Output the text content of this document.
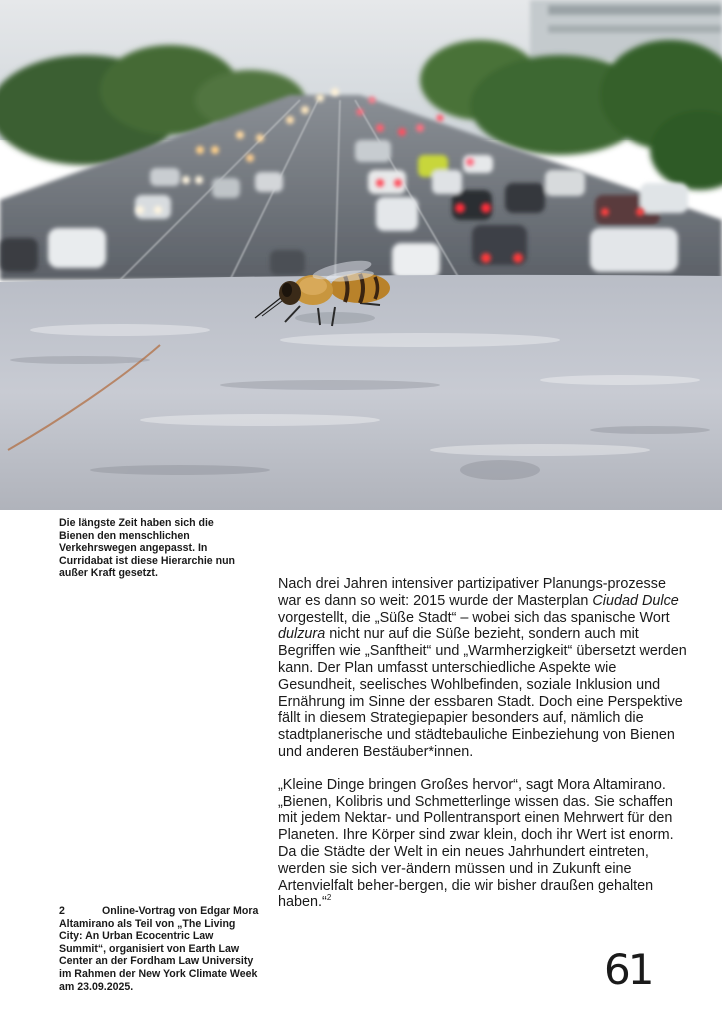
Die längste Zeit haben sich die Bienen den menschlichen Verkehrswegen angepasst. In Curridabat ist diese Hierarchie nun außer Kraft gesetzt.

Nach drei Jahren intensiver partizipativer Planungs-prozesse war es dann so weit: 2015 wurde der Masterplan Ciudad Dulce vorgestellt, die „Süße Stadt“ – wobei sich das spanische Wort dulzura nicht nur auf die Süße bezieht, sondern auch mit Begriffen wie „Sanftheit“ und „Warmherzigkeit“ übersetzt werden kann. Der Plan umfasst unterschiedliche Aspekte wie Gesundheit, seelisches Wohlbefinden, soziale Inklusion und Ernährung im Sinne der essbaren Stadt. Doch eine Perspektive fällt in diesem Strategiepapier besonders auf, nämlich die stadtplanerische und städtebauliche Einbeziehung von Bienen und anderen Bestäuber*innen.

„Kleine Dinge bringen Großes hervor“, sagt Mora Altamirano. „Bienen, Kolibris und Schmetterlinge wissen das. Sie schaffen mit jedem Nektar- und Pollentransport einen Mehrwert für den Planeten. Ihre Körper sind zwar klein, doch ihr Wert ist enorm. Da die Städte der Welt in ein neues Jahrhundert eintreten, werden sie sich ver-ändern müssen und in Zukunft eine Artenvielfalt beher-bergen, die wir bisher draußen gehalten haben.“$^2$

2	Online-Vortrag von Edgar Mora Altamirano als Teil von „The Living City: An Urban Ecocentric Law Summit“, organisiert von Earth Law Center an der Fordham Law University im Rahmen der New York Climate Week am 23.09.2025.	61
